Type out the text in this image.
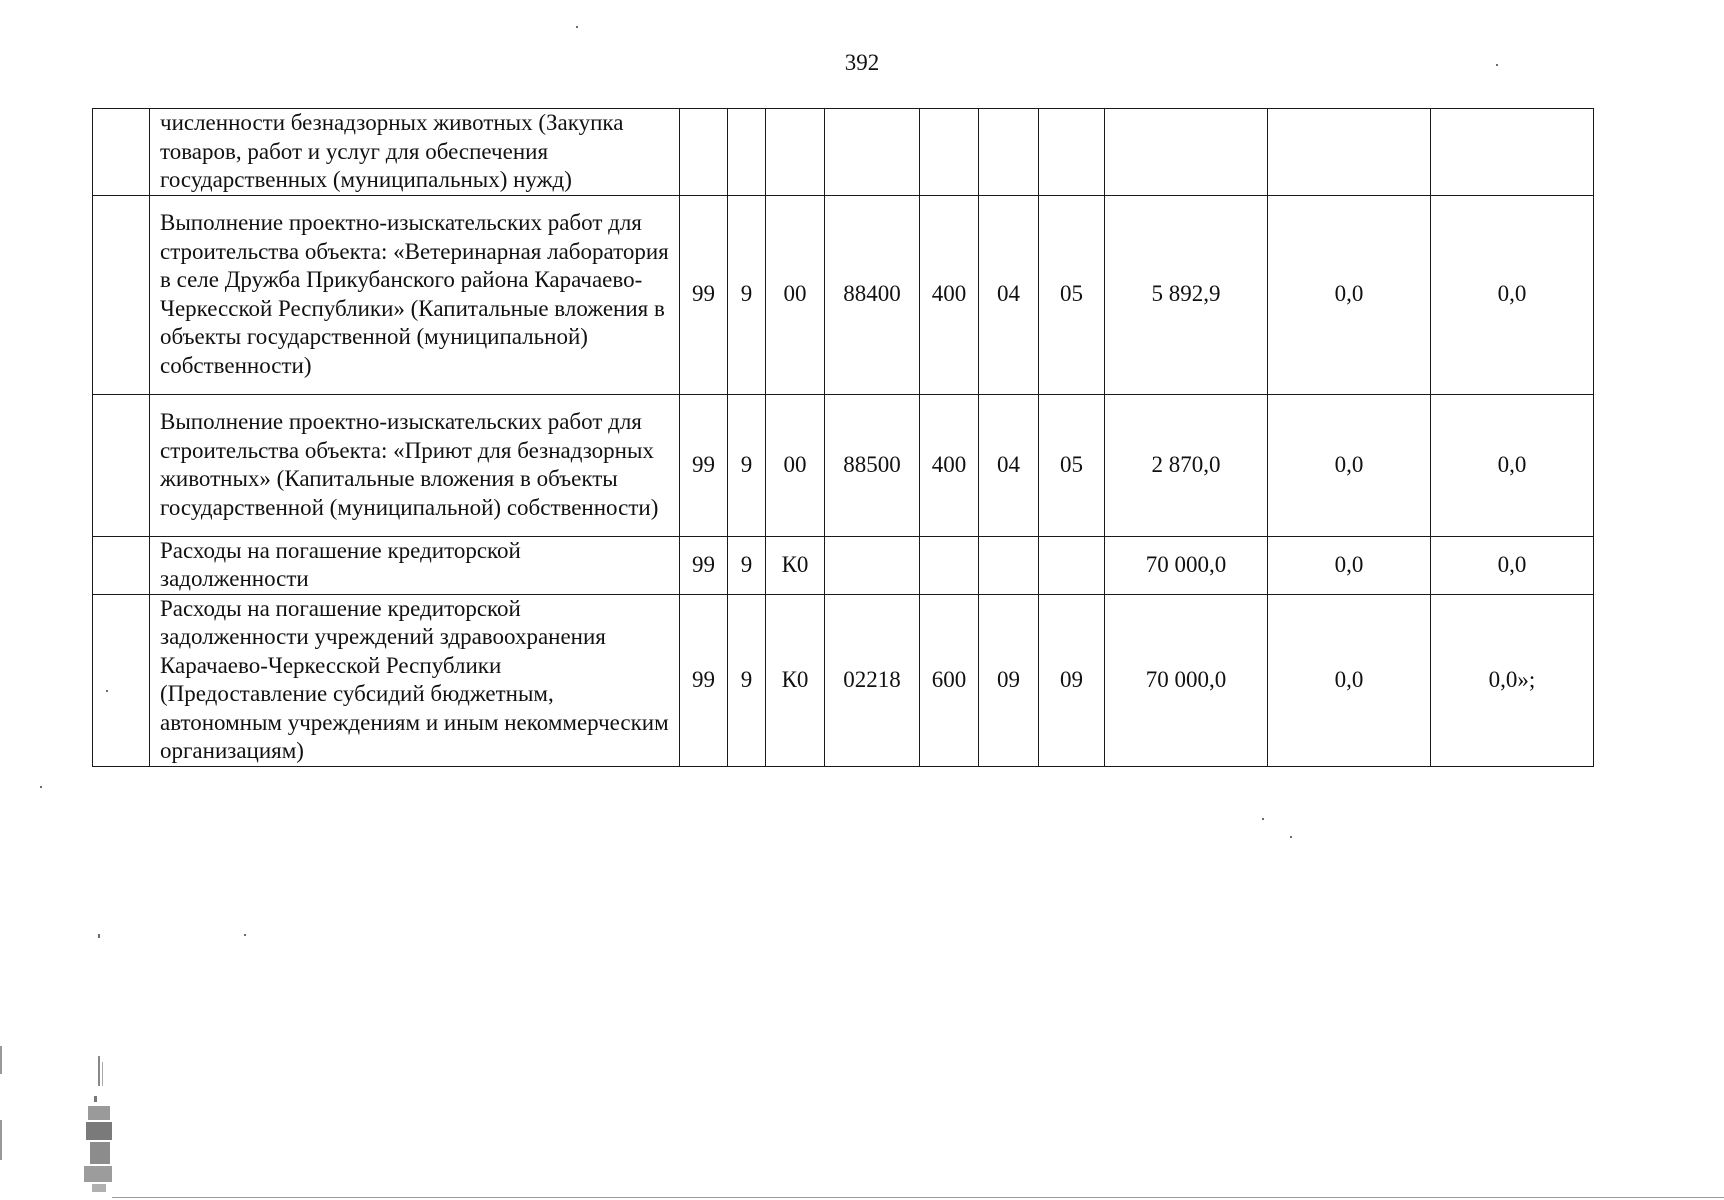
392
	численности безнадзорных животных (Закупка товаров, работ и услуг для обеспечения государственных (муниципальных) нужд)										
	Выполнение проектно-изыскательских работ для строительства объекта: «Ветеринарная лаборатория в селе Дружба Прикубанского района Карачаево-Черкесской Республики» (Капитальные вложения в объекты государственной (муниципальной) собственности)	99	9	00	88400	400	04	05	5 892,9	0,0	0,0
	Выполнение проектно-изыскательских работ для строительства объекта: «Приют для безнадзорных животных» (Капитальные вложения в объекты государственной (муниципальной) собственности)	99	9	00	88500	400	04	05	2 870,0	0,0	0,0
	Расходы на погашение кредиторской задолженности	99	9	К0					70 000,0	0,0	0,0
	Расходы на погашение кредиторской задолженности учреждений здравоохранения Карачаево-Черкесской Республики (Предоставление субсидий бюджетным, автономным учреждениям и иным некоммерческим организациям)	99	9	К0	02218	600	09	09	70 000,0	0,0	0,0»;
